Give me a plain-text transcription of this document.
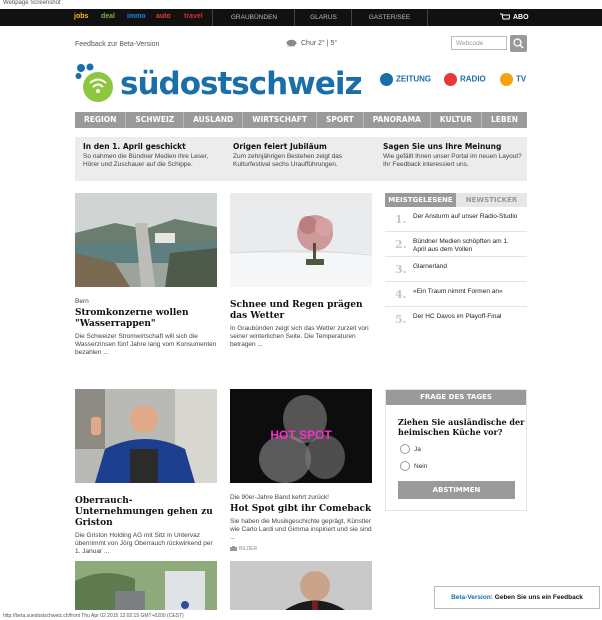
Webpage Screenshot
jobs deal immo auto travel	GRAUBÜNDEN	GLARUS	GASTER/SEE	ABO
Feedback zur Beta-Version	Chur 2° | 5°	Webcode
südostschweiz	ZEITUNG	RADIO	TV
REGION	SCHWEIZ	AUSLAND	WIRTSCHAFT	SPORT	PANORAMA	KULTUR	LEBEN
In den 1. April geschickt
So nahmen die Bündner Medien ihre Leser, Hörer und Zuschauer auf die Schippe.
Origen feiert Jubiläum
Zum zehnjährigen Bestehen zeigt das Kulturfestival sechs Uraufführungen.
Sagen Sie uns Ihre Meinung
Wie gefällt Ihnen unser Portal im neuen Layout? Ihr Feedback interessiert uns.
Bern
Stromkonzerne wollen "Wasserrappen"
Die Schweizer Stromwirtschaft will sich die Wasserzinsen fünf Jahre lang vom Konsumenten bezahlen ...
Schnee und Regen prägen das Wetter
In Graubünden zeigt sich das Wetter zurzeit von seiner winterlichen Seite. Die Temperaturen betragen ...
MEISTGELESENE	NEWSTICKER
1.	Der Ansturm auf unser Radio-Studio
2.	Bündner Medien schöpften am 1. April aus dem Vollen
3.	Glarnerland
4.	«Ein Traum nimmt Formen an»
5.	Der HC Davos im Playoff-Final
Oberrauch-Unternehmungen gehen zu Griston
Die Griston Holding AG mit Sitz in Untervaz übernimmt von Jörg Oberrauch rückwirkend per 1. Januar ...
HOT SPOT
Die 90er-Jahre Band kehrt zurück!
Hot Spot gibt ihr Comeback
Sie haben die Musikgeschichte geprägt, Künstler wie Carlo Lardi und Gimma inspiriert und sie sind ...
BILDER
FRAGE DES TAGES
Ziehen Sie ausländische der heimischen Küche vor?
Ja
Nein
ABSTIMMEN
Beta-Version: Geben Sie uns ein Feedback
http://beta.suedostschweiz.ch/front Thu Apr 02 2015 12:02:15 GMT+0200 (CEST)
